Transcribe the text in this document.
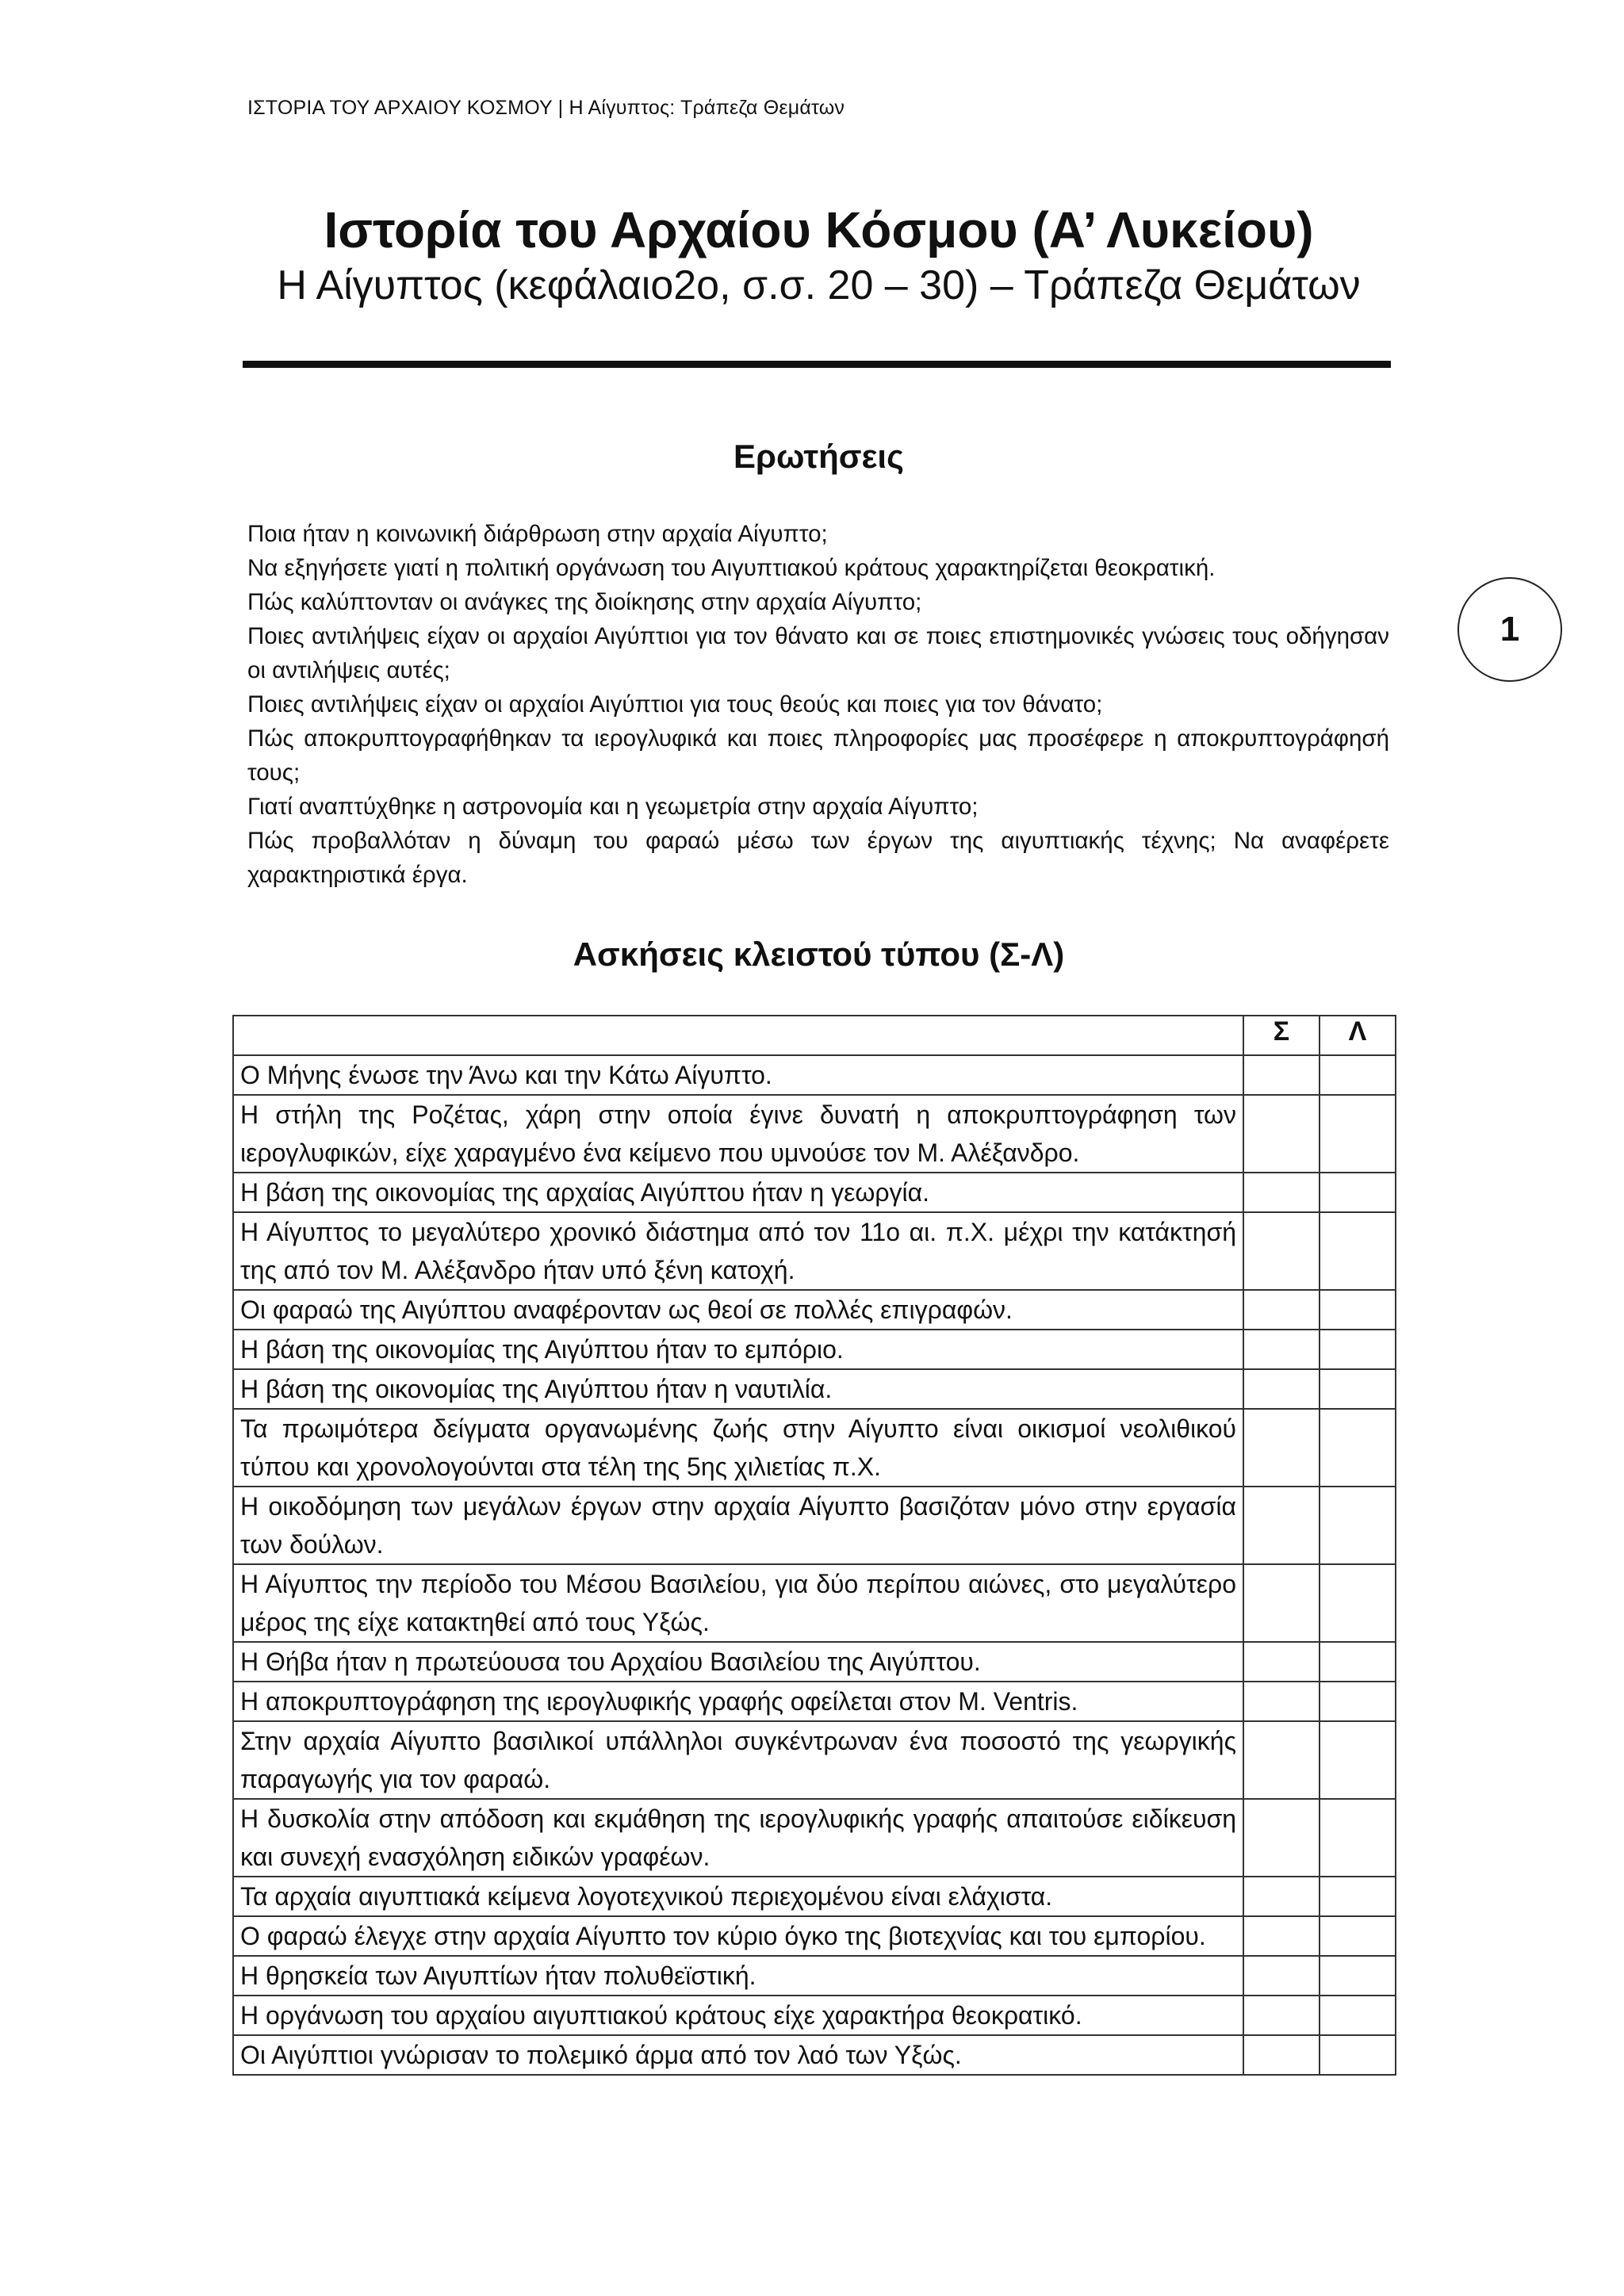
ΙΣΤΟΡΙΑ ΤΟΥ ΑΡΧΑΙΟΥ ΚΟΣΜΟΥ | Η Αίγυπτος: Τράπεζα Θεμάτων
Ιστορία του Αρχαίου Κόσμου (Α’ Λυκείου)
Η Αίγυπτος (κεφάλαιο2ο, σ.σ. 20 – 30) – Τράπεζα Θεμάτων
Ερωτήσεις
Ποια ήταν η κοινωνική διάρθρωση στην αρχαία Αίγυπτο;
Να εξηγήσετε γιατί η πολιτική οργάνωση του Αιγυπτιακού κράτους χαρακτηρίζεται θεοκρατική.
Πώς καλύπτονταν οι ανάγκες της διοίκησης στην αρχαία Αίγυπτο;
Ποιες αντιλήψεις είχαν οι αρχαίοι Αιγύπτιοι για τον θάνατο και σε ποιες επιστημονικές γνώσεις τους οδήγησαν οι αντιλήψεις αυτές;
Ποιες αντιλήψεις είχαν οι αρχαίοι Αιγύπτιοι για τους θεούς και ποιες για τον θάνατο;
Πώς αποκρυπτογραφήθηκαν τα ιερογλυφικά και ποιες πληροφορίες μας προσέφερε η αποκρυπτογράφησή τους;
Γιατί αναπτύχθηκε η αστρονομία και η γεωμετρία στην αρχαία Αίγυπτο;
Πώς προβαλλόταν η δύναμη του φαραώ μέσω των έργων της αιγυπτιακής τέχνης; Να αναφέρετε χαρακτηριστικά έργα.
1
Ασκήσεις κλειστού τύπου (Σ-Λ)
	Σ	Λ
Ο Μήνης ένωσε την Άνω και την Κάτω Αίγυπτο.		
Η στήλη της Ροζέτας, χάρη στην οποία έγινε δυνατή η αποκρυπτογράφηση των ιερογλυφικών, είχε χαραγμένο ένα κείμενο που υμνούσε τον Μ. Αλέξανδρο.		
Η βάση της οικονομίας της αρχαίας Αιγύπτου ήταν η γεωργία.		
Η Αίγυπτος το μεγαλύτερο χρονικό διάστημα από τον 11ο αι. π.Χ. μέχρι την κατάκτησή της από τον Μ. Αλέξανδρο ήταν υπό ξένη κατοχή.		
Οι φαραώ της Αιγύπτου αναφέρονταν ως θεοί σε πολλές επιγραφών.		
Η βάση της οικονομίας της Αιγύπτου ήταν το εμπόριο.		
Η βάση της οικονομίας της Αιγύπτου ήταν η ναυτιλία.		
Τα πρωιμότερα δείγματα οργανωμένης ζωής στην Αίγυπτο είναι οικισμοί νεολιθικού τύπου και χρονολογούνται στα τέλη της 5ης χιλιετίας π.Χ.		
Η οικοδόμηση των μεγάλων έργων στην αρχαία Αίγυπτο βασιζόταν μόνο στην εργασία των δούλων.		
Η Αίγυπτος την περίοδο του Μέσου Βασιλείου, για δύο περίπου αιώνες, στο μεγαλύτερο μέρος της είχε κατακτηθεί από τους Υξώς.		
Η Θήβα ήταν η πρωτεύουσα του Αρχαίου Βασιλείου της Αιγύπτου.		
Η αποκρυπτογράφηση της ιερογλυφικής γραφής οφείλεται στον Μ. Ventris.		
Στην αρχαία Αίγυπτο βασιλικοί υπάλληλοι συγκέντρωναν ένα ποσοστό της γεωργικής παραγωγής για τον φαραώ.		
Η δυσκολία στην απόδοση και εκμάθηση της ιερογλυφικής γραφής απαιτούσε ειδίκευση και συνεχή ενασχόληση ειδικών γραφέων.		
Τα αρχαία αιγυπτιακά κείμενα λογοτεχνικού περιεχομένου είναι ελάχιστα.		
Ο φαραώ έλεγχε στην αρχαία Αίγυπτο τον κύριο όγκο της βιοτεχνίας και του εμπορίου.		
Η θρησκεία των Αιγυπτίων ήταν πολυθεϊστική.		
Η οργάνωση του αρχαίου αιγυπτιακού κράτους είχε χαρακτήρα θεοκρατικό.		
Οι Αιγύπτιοι γνώρισαν το πολεμικό άρμα από τον λαό των Υξώς.		
